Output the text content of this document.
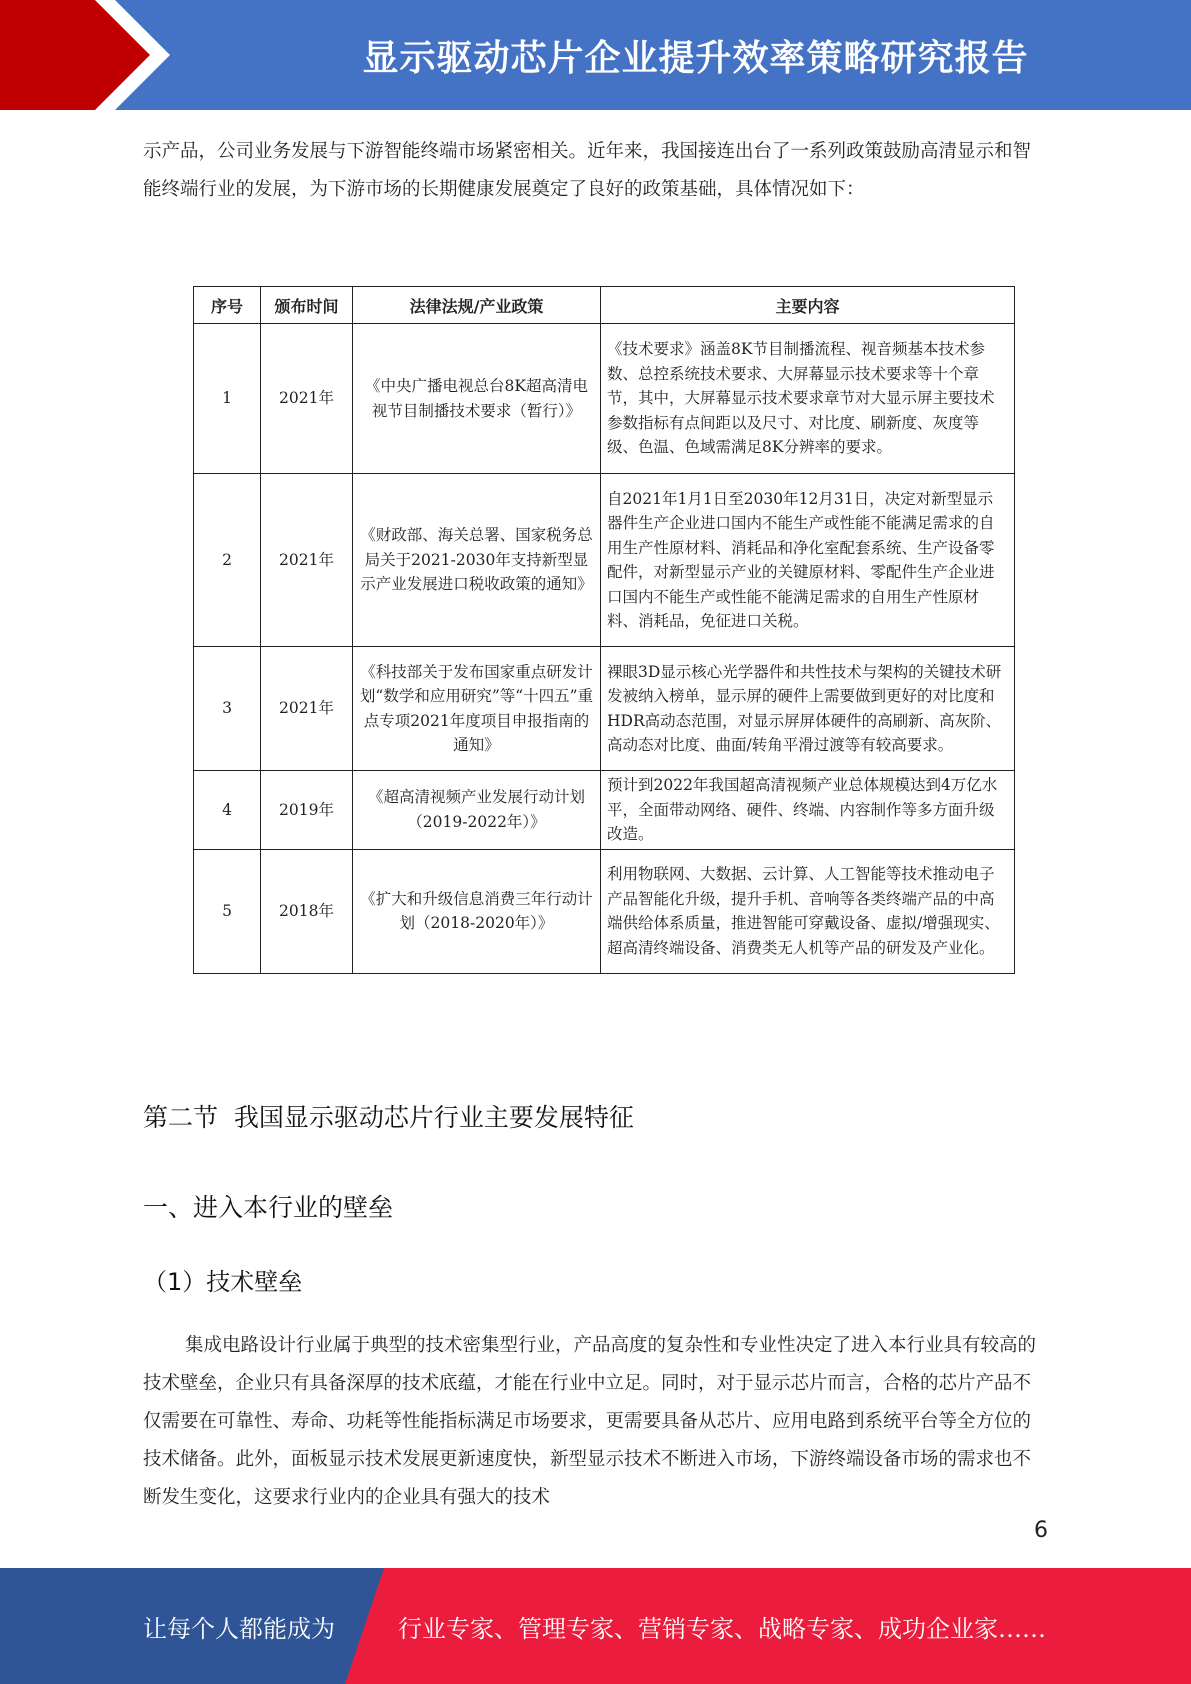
显示驱动芯片企业提升效率策略研究报告
示产品，公司业务发展与下游智能终端市场紧密相关。近年来，我国接连出台了一系列政策鼓励高清显示和智能终端行业的发展，为下游市场的长期健康发展奠定了良好的政策基础，具体情况如下：
序号	颁布时间	法律法规/产业政策	主要内容
1	2021年	《中央广播电视总台8K超高清电视节目制播技术要求（暂行）》	《技术要求》涵盖8K节目制播流程、视音频基本技术参数、总控系统技术要求、大屏幕显示技术要求等十个章节，其中，大屏幕显示技术要求章节对大显示屏主要技术参数指标有点间距以及尺寸、对比度、刷新度、灰度等级、色温、色域需满足8K分辨率的要求。
2	2021年	《财政部、海关总署、国家税务总局关于2021-2030年支持新型显示产业发展进口税收政策的通知》	自2021年1月1日至2030年12月31日，决定对新型显示器件生产企业进口国内不能生产或性能不能满足需求的自用生产性原材料、消耗品和净化室配套系统、生产设备零配件，对新型显示产业的关键原材料、零配件生产企业进口国内不能生产或性能不能满足需求的自用生产性原材料、消耗品，免征进口关税。
3	2021年	《科技部关于发布国家重点研发计划“数学和应用研究”等“十四五”重点专项2021年度项目申报指南的通知》	裸眼3D显示核心光学器件和共性技术与架构的关键技术研发被纳入榜单，显示屏的硬件上需要做到更好的对比度和HDR高动态范围，对显示屏屏体硬件的高刷新、高灰阶、高动态对比度、曲面/转角平滑过渡等有较高要求。
4	2019年	《超高清视频产业发展行动计划（2019-2022年）》	预计到2022年我国超高清视频产业总体规模达到4万亿水平，全面带动网络、硬件、终端、内容制作等多方面升级改造。
5	2018年	《扩大和升级信息消费三年行动计划（2018-2020年）》	利用物联网、大数据、云计算、人工智能等技术推动电子产品智能化升级，提升手机、音响等各类终端产品的中高端供给体系质量，推进智能可穿戴设备、虚拟/增强现实、超高清终端设备、消费类无人机等产品的研发及产业化。
第二节  我国显示驱动芯片行业主要发展特征
一、进入本行业的壁垒
（1）技术壁垒
集成电路设计行业属于典型的技术密集型行业，产品高度的复杂性和专业性决定了进入本行业具有较高的技术壁垒，企业只有具备深厚的技术底蕴，才能在行业中立足。同时，对于显示芯片而言，合格的芯片产品不仅需要在可靠性、寿命、功耗等性能指标满足市场要求，更需要具备从芯片、应用电路到系统平台等全方位的技术储备。此外，面板显示技术发展更新速度快，新型显示技术不断进入市场，下游终端设备市场的需求也不断发生变化，这要求行业内的企业具有强大的技术
6
让每个人都能成为	行业专家、管理专家、营销专家、战略专家、成功企业家……
